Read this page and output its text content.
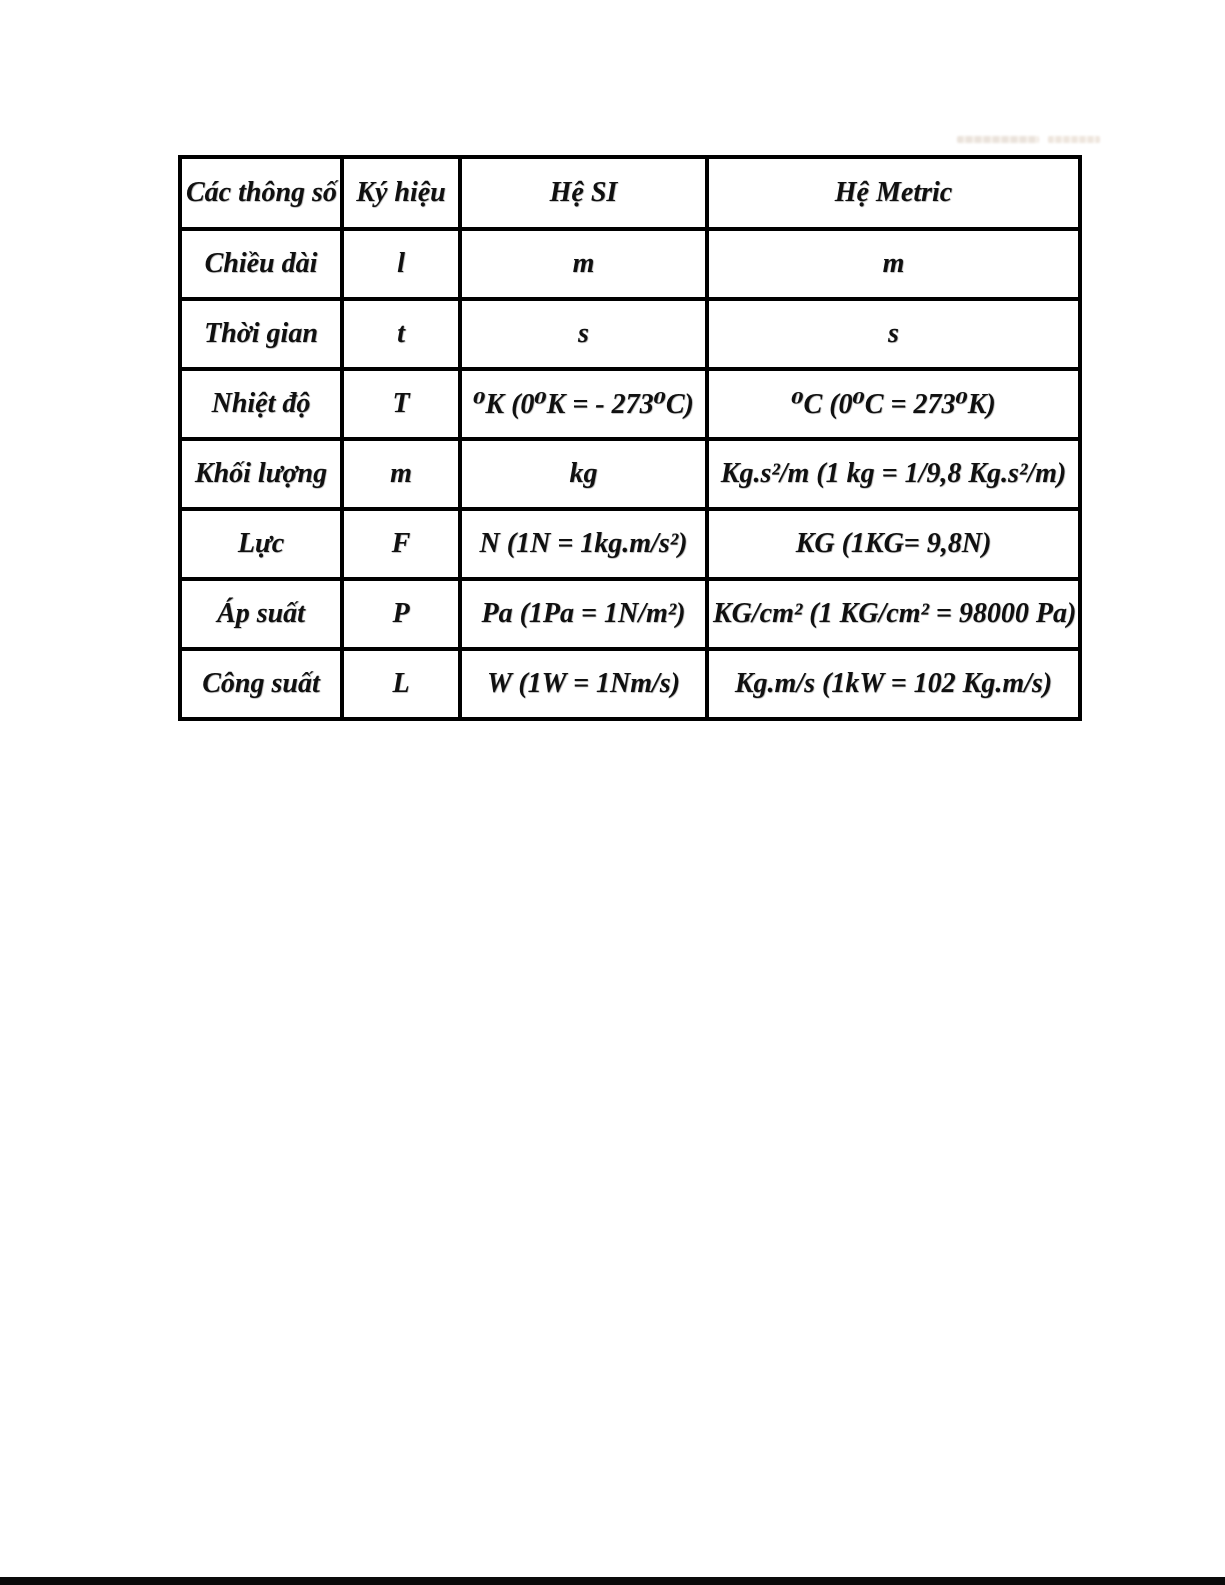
Các thông số	Ký hiệu	Hệ SI	Hệ Metric
Chiều dài	l	m	m
Thời gian	t	s	s
Nhiệt độ	T	⁰K (0⁰K = - 273⁰C)	⁰C (0⁰C = 273⁰K)
Khối lượng	m	kg	Kg.s²/m (1 kg = 1/9,8 Kg.s²/m)
Lực	F	N (1N = 1kg.m/s²)	KG (1KG= 9,8N)
Áp suất	P	Pa (1Pa = 1N/m²)	KG/cm² (1 KG/cm² = 98000 Pa)
Công suất	L	W (1W = 1Nm/s)	Kg.m/s (1kW = 102 Kg.m/s)
